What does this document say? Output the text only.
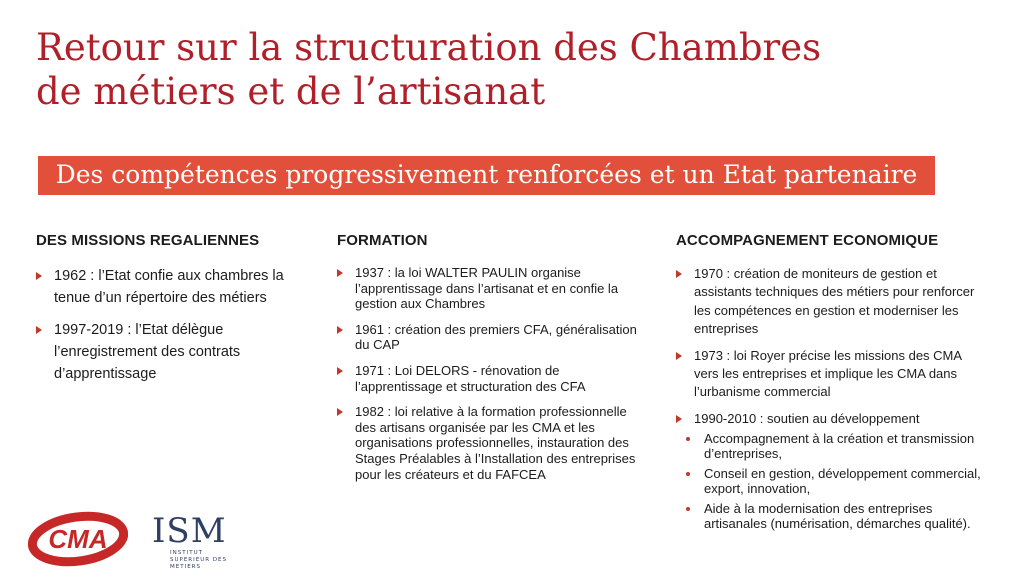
Retour sur la structuration des Chambres
de métiers et de l’artisanat
Des compétences progressivement renforcées et un Etat partenaire
DES MISSIONS REGALIENNES
1962 : l’Etat confie aux chambres la tenue d’un répertoire des métiers
1997-2019 : l’Etat délègue l’enregistrement des contrats d’apprentissage
FORMATION
1937 : la loi WALTER PAULIN organise l’apprentissage dans l’artisanat et en confie la gestion aux Chambres
1961 : création des premiers CFA, généralisation du CAP
1971 : Loi DELORS - rénovation de l’apprentissage et structuration des CFA
1982 : loi relative à la formation professionnelle des artisans organisée par les CMA et les organisations professionnelles, instauration des Stages Préalables à l’Installation des entreprises pour les créateurs et du FAFCEA
ACCOMPAGNEMENT ECONOMIQUE
1970 : création de moniteurs de gestion et assistants techniques des métiers pour renforcer les compétences en gestion et moderniser les entreprises
1973 : loi Royer précise les missions des CMA vers les entreprises et implique les CMA dans l’urbanisme commercial
1990-2010 : soutien au développement
Accompagnement à la création et transmission d’entreprises,
Conseil en gestion, développement commercial, export, innovation,
Aide à la modernisation des entreprises artisanales (numérisation, démarches qualité).
CMA ISM
INSTITUT
SUPERIEUR DES
METIERS
